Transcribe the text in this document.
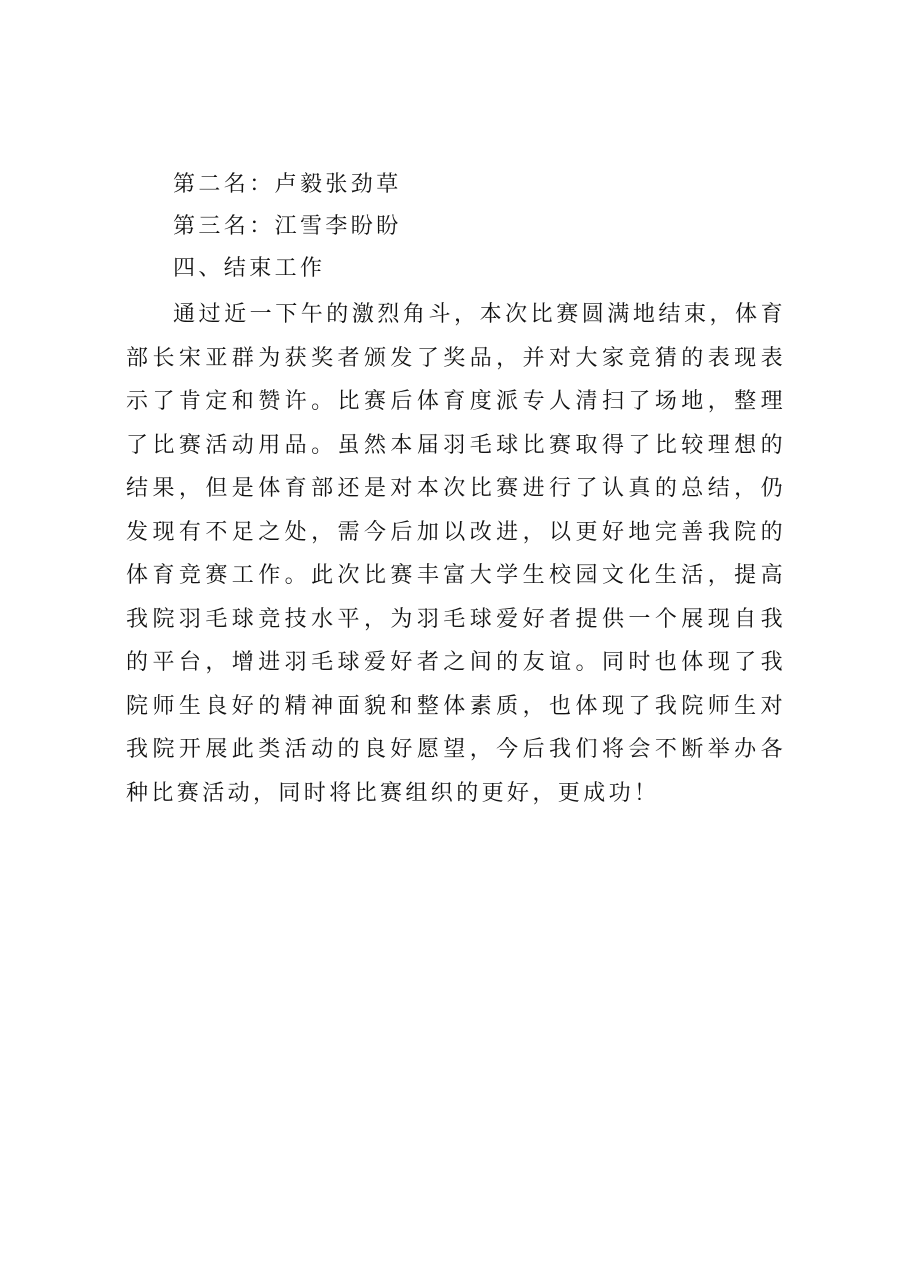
第二名：卢毅张劲草

第三名：江雪李盼盼

四、结束工作

通过近一下午的激烈角斗，本次比赛圆满地结束，体育部长宋亚群为获奖者颁发了奖品，并对大家竞猜的表现表示了肯定和赞许。比赛后体育度派专人清扫了场地，整理了比赛活动用品。虽然本届羽毛球比赛取得了比较理想的结果，但是体育部还是对本次比赛进行了认真的总结，仍发现有不足之处，需今后加以改进，以更好地完善我院的体育竞赛工作。此次比赛丰富大学生校园文化生活，提高我院羽毛球竞技水平，为羽毛球爱好者提供一个展现自我的平台，增进羽毛球爱好者之间的友谊。同时也体现了我院师生良好的精神面貌和整体素质，也体现了我院师生对我院开展此类活动的良好愿望，今后我们将会不断举办各种比赛活动，同时将比赛组织的更好，更成功！
